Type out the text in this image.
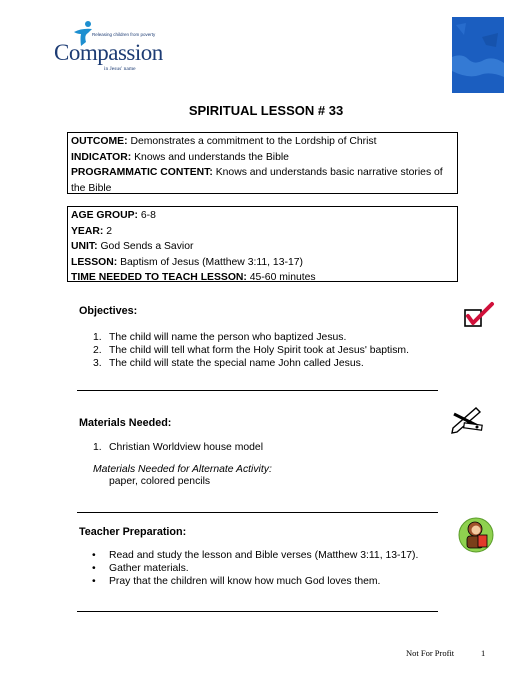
Releasing children from poverty
Compassion
in Jesus' name
SPIRITUAL LESSON # 33
OUTCOME: Demonstrates a commitment to the Lordship of Christ
INDICATOR: Knows and understands the Bible
PROGRAMMATIC CONTENT: Knows and understands basic narrative stories of the Bible
AGE GROUP: 6-8
YEAR: 2
UNIT: God Sends a Savior
LESSON: Baptism of Jesus (Matthew 3:11, 13-17)
TIME NEEDED TO TEACH LESSON: 45-60 minutes
Objectives:
1. The child will name the person who baptized Jesus.
2. The child will tell what form the Holy Spirit took at Jesus' baptism.
3. The child will state the special name John called Jesus.
Materials Needed:
1. Christian Worldview house model
Materials Needed for Alternate Activity:
paper, colored pencils
Teacher Preparation:
• Read and study the lesson and Bible verses (Matthew 3:11, 13-17).
• Gather materials.
• Pray that the children will know how much God loves them.
Not For Profit	1
